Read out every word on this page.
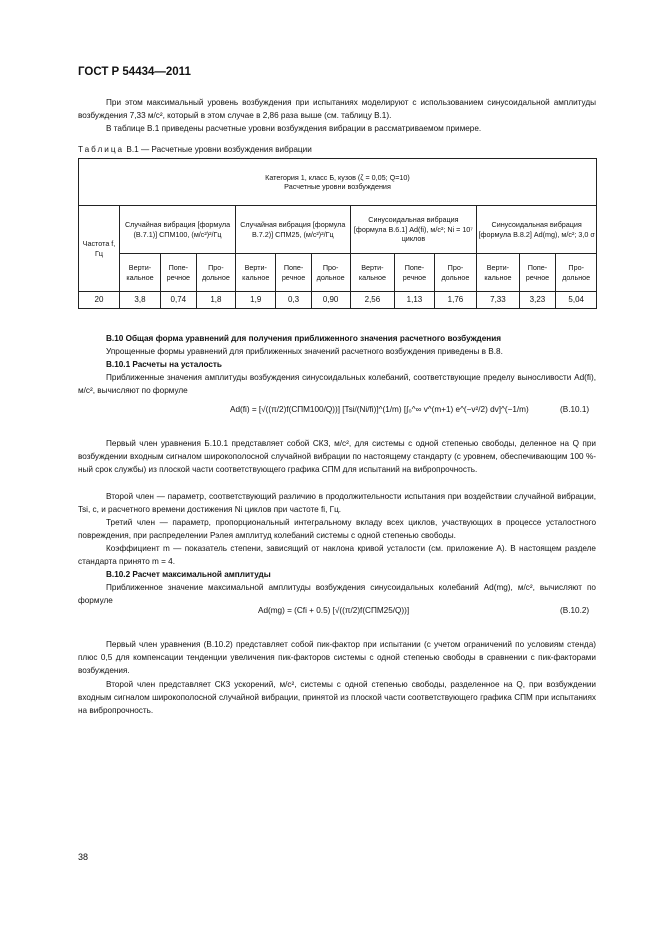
ГОСТ Р 54434—2011
При этом максимальный уровень возбуждения при испытаниях моделируют с использованием синусоидальной амплитуды возбуждения 7,33 м/с², который в этом случае в 2,86 раза выше (см. таблицу В.1).
В таблице В.1 приведены расчетные уровни возбуждения вибрации в рассматриваемом примере.
Таблица В.1 — Расчетные уровни возбуждения вибрации
Категория 1, класс Б, кузов (ζ = 0,05; Q=10)
Расчетные уровни возбуждения												

Частота f, Гц	Случайная вибрация [формула (В.7.1)] СПМ100, (м/с²)²/Гц			Случайная вибрация [формула В.7.2)] СПМ25, (м/с²)²/Гц			Синусоидальная вибрация [формула В.6.1] Ad(fi), м/с²; Ni = 10⁷ циклов			Синусоидальная вибрация [формула В.8.2] Ad(mg), м/с²; 3,0 σ		
	Верти-кальное	Попе-речное	Про-дольное	Верти-кальное	Попе-речное	Про-дольное	Верти-кальное	Попе-речное	Про-дольное	Верти-кальное	Попе-речное	Про-дольное
20	3,8	0,74	1,8	1,9	0,3	0,90	2,56	1,13	1,76	7,33	3,23	5,04
В.10 Общая форма уравнений для получения приближенного значения расчетного возбуждения
Упрощенные формы уравнений для приближенных значений расчетного возбуждения приведены в В.8.
В.10.1 Расчеты на усталость
Приближенные значения амплитуды возбуждения синусоидальных колебаний, соответствующие пределу выносливости Ad(fi), м/с², вычисляют по формуле
Ad(fi) = [√((π/2)f(СПМ100/Q))] [Tsi/(Ni/fi)]^(1/m) [∫₀^∞ v^(m+1) e^(−v²/2) dv]^(−1/m)	(В.10.1)
Первый член уравнения Б.10.1 представляет собой СКЗ, м/с², для системы с одной степенью свободы, деленное на Q при возбуждении входным сигналом широкополосной случайной вибрации по настоящему стандарту (с уровнем, обеспечивающим 100 %-ный срок службы) из плоской части соответствующего графика СПМ для испытаний на вибропрочность.
Второй член — параметр, соответствующий различию в продолжительности испытания при воздействии случайной вибрации, Tsi, с, и расчетного времени достижения Ni циклов при частоте fi, Гц.
Третий член — параметр, пропорциональный интегральному вкладу всех циклов, участвующих в процессе усталостного повреждения, при распределении Рэлея амплитуд колебаний системы с одной степенью свободы.
Коэффициент m — показатель степени, зависящий от наклона кривой усталости (см. приложение А). В настоящем разделе стандарта принято m = 4.
В.10.2 Расчет максимальной амплитуды
Приближенное значение максимальной амплитуды возбуждения синусоидальных колебаний Ad(mg), м/с², вычисляют по формуле
Ad(mg) = (Cfi + 0.5) [√((π/2)f(СПМ25/Q))]	(В.10.2)
Первый член уравнения (В.10.2) представляет собой пик-фактор при испытании (с учетом ограничений по условиям стенда) плюс 0,5 для компенсации тенденции увеличения пик-факторов системы с одной степенью свободы в сравнении с пик-факторами возбуждения.
Второй член представляет СКЗ ускорений, м/с², системы с одной степенью свободы, разделенное на Q, при возбуждении входным сигналом широкополосной случайной вибрации, принятой из плоской части соответствующего графика СПМ при испытаниях на вибропрочность.
38
